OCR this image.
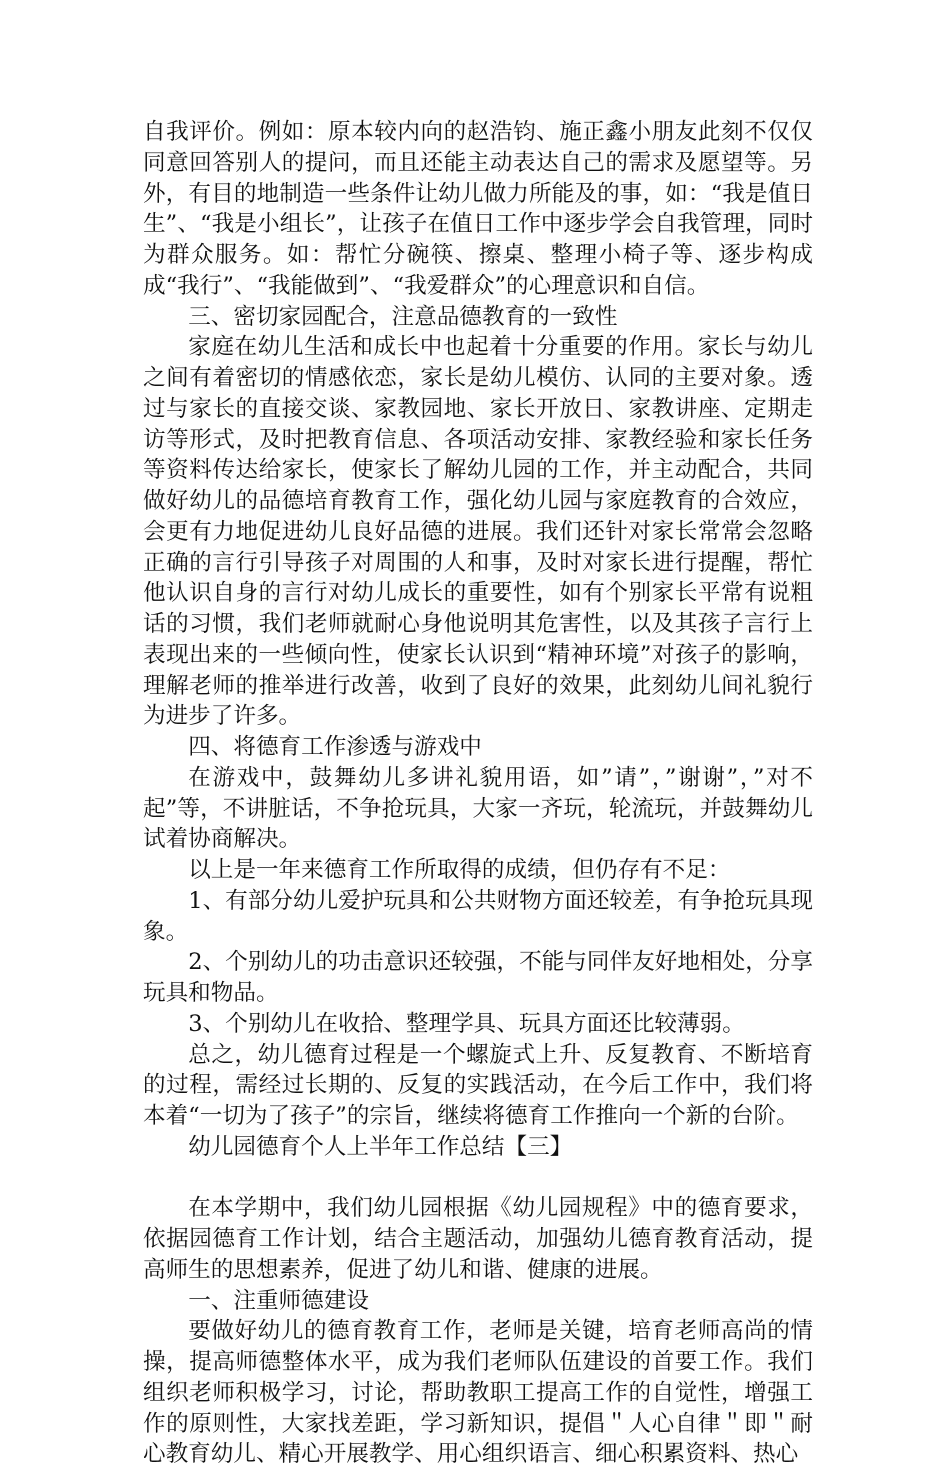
自我评价。例如：原本较内向的赵浩钧、施正鑫小朋友此刻不仅仅同意回答别人的提问，而且还能主动表达自己的需求及愿望等。另外，有目的地制造一些条件让幼儿做力所能及的事，如：“我是值日生”、“我是小组长”，让孩子在值日工作中逐步学会自我管理，同时为群众服务。如：帮忙分碗筷、擦桌、整理小椅子等、逐步构成成“我行”、“我能做到”、“我爱群众”的心理意识和自信。

三、密切家园配合，注意品德教育的一致性

家庭在幼儿生活和成长中也起着十分重要的作用。家长与幼儿之间有着密切的情感依恋，家长是幼儿模仿、认同的主要对象。透过与家长的直接交谈、家教园地、家长开放日、家教讲座、定期走访等形式，及时把教育信息、各项活动安排、家教经验和家长任务等资料传达给家长，使家长了解幼儿园的工作，并主动配合，共同做好幼儿的品德培育教育工作，强化幼儿园与家庭教育的合效应，会更有力地促进幼儿良好品德的进展。我们还针对家长常常会忽略正确的言行引导孩子对周围的人和事，及时对家长进行提醒，帮忙他认识自身的言行对幼儿成长的重要性，如有个别家长平常有说粗话的习惯，我们老师就耐心身他说明其危害性，以及其孩子言行上表现出来的一些倾向性，使家长认识到“精神环境”对孩子的影响，理解老师的推举进行改善，收到了良好的效果，此刻幼儿间礼貌行为进步了许多。

四、将德育工作渗透与游戏中

在游戏中，鼓舞幼儿多讲礼貌用语，如”请”，”谢谢”，”对不起”等，不讲脏话，不争抢玩具，大家一齐玩，轮流玩，并鼓舞幼儿试着协商解决。

以上是一年来德育工作所取得的成绩，但仍存有不足：

1、有部分幼儿爱护玩具和公共财物方面还较差，有争抢玩具现象。

2、个别幼儿的功击意识还较强，不能与同伴友好地相处，分享玩具和物品。

3、个别幼儿在收拾、整理学具、玩具方面还比较薄弱。

总之，幼儿德育过程是一个螺旋式上升、反复教育、不断培育的过程，需经过长期的、反复的实践活动，在今后工作中，我们将本着“一切为了孩子”的宗旨，继续将德育工作推向一个新的台阶。

幼儿园德育个人上半年工作总结【三】

在本学期中，我们幼儿园根据《幼儿园规程》中的德育要求，依据园德育工作计划，结合主题活动，加强幼儿德育教育活动，提高师生的思想素养，促进了幼儿和谐、健康的进展。

一、注重师德建设

要做好幼儿的德育教育工作，老师是关键，培育老师高尚的情操，提高师德整体水平，成为我们老师队伍建设的首要工作。我们组织老师积极学习，讨论，帮助教职工提高工作的自觉性，增强工作的原则性，大家找差距，学习新知识，提倡＂人心自律＂即＂耐心教育幼儿、精心开展教学、用心组织语言、细心积累资料、热心
